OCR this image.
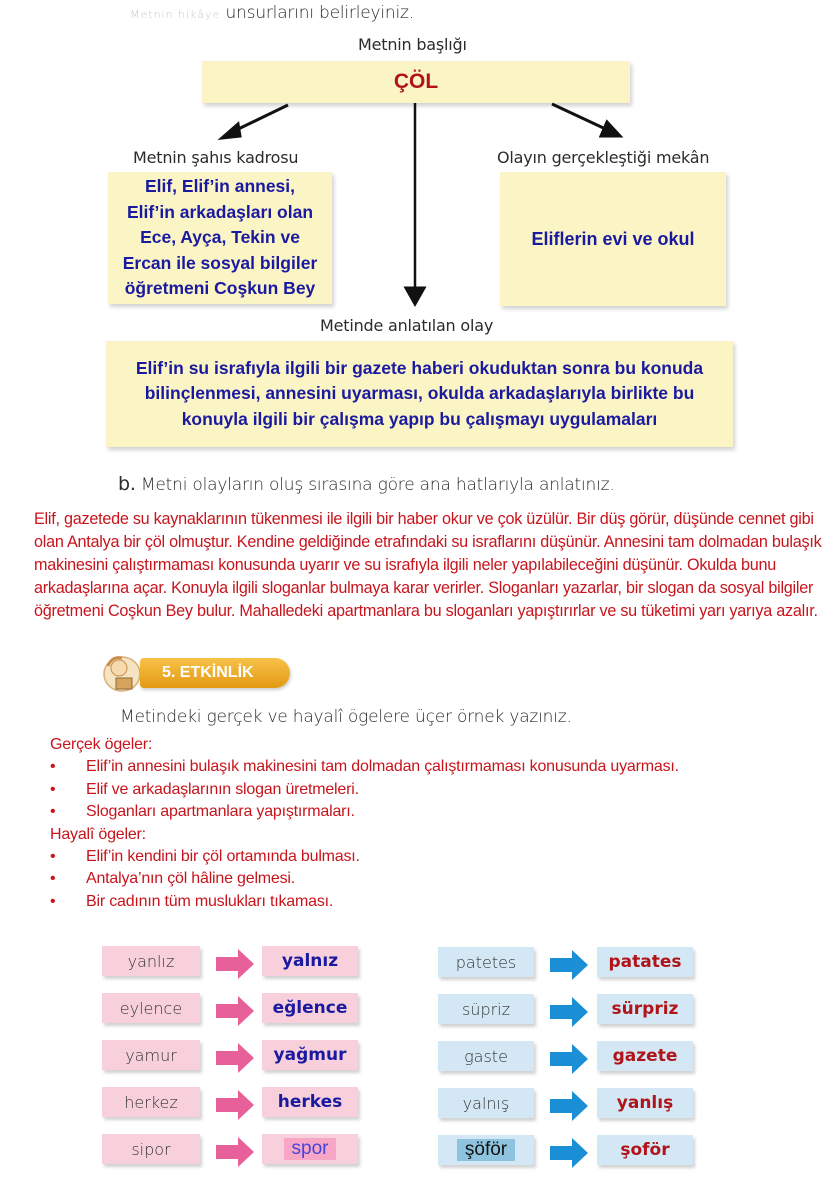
Metnin hikâye unsurlarını belirleyiniz.
Metnin başlığı
ÇÖL
Metnin şahıs kadrosu
Elif, Elif’in annesi,
Elif’in arkadaşları olan
Ece, Ayça, Tekin ve
Ercan ile sosyal bilgiler
öğretmeni Coşkun Bey
Olayın gerçekleştiği mekân
Eliflerin evi ve okul
Metinde anlatılan olay
Elif’in su israfıyla ilgili bir gazete haberi okuduktan sonra bu konuda bilinçlenmesi, annesini uyarması, okulda arkadaşlarıyla birlikte bu konuyla ilgili bir çalışma yapıp bu çalışmayı uygulamaları
b. Metni olayların oluş sırasına göre ana hatlarıyla anlatınız.
Elif, gazetede su kaynaklarının tükenmesi ile ilgili bir haber okur ve çok üzülür. Bir düş görür, düşünde cennet gibi olan Antalya bir çöl olmuştur. Kendine geldiğinde etrafındaki su israflarını düşünür. Annesini tam dolmadan bulaşık makinesini çalıştırmaması konusunda uyarır ve su israfıyla ilgili neler yapılabileceğini düşünür. Okulda bunu arkadaşlarına açar. Konuyla ilgili sloganlar bulmaya karar verirler. Sloganları yazarlar, bir slogan da sosyal bilgiler öğretmeni Coşkun Bey bulur. Mahalledeki apartmanlara bu sloganları yapıştırırlar ve su tüketimi yarı yarıya azalır.
5. ETKİNLİK
Metindeki gerçek ve hayalî ögelere üçer örnek yazınız.
Gerçek ögeler:
• Elif’in annesini bulaşık makinesini tam dolmadan çalıştırmaması konusunda uyarması.
• Elif ve arkadaşlarının slogan üretmeleri.
• Sloganları apartmanlara yapıştırmaları.
Hayalî ögeler:
• Elif’in kendini bir çöl ortamında bulması.
• Antalya’nın çöl hâline gelmesi.
• Bir cadının tüm muslukları tıkaması.
yanlız	yalnız
eylence	eğlence
yamur	yağmur
herkez	herkes
sipor	spor
patetes	patates
süpriz	sürpriz
gaste	gazete
yalnış	yanlış
şöför	şoför
